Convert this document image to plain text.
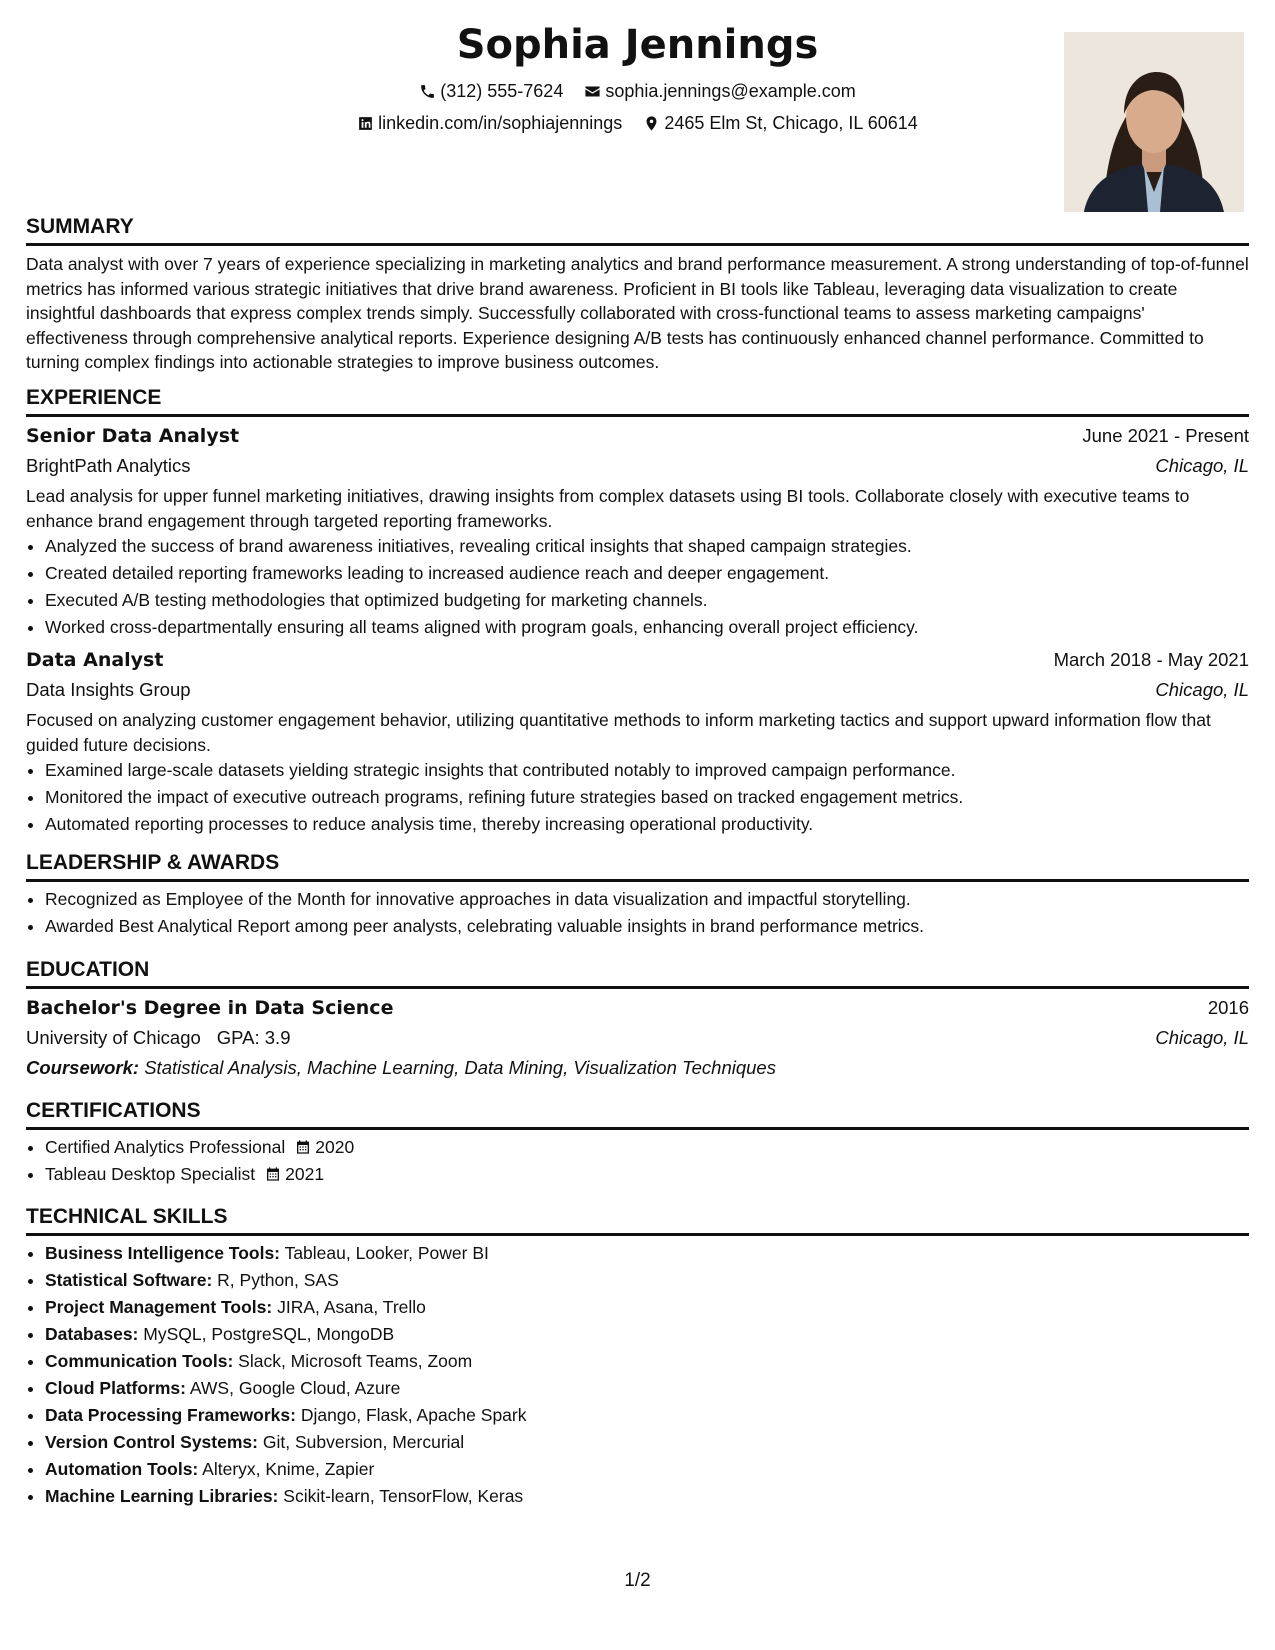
Sophia Jennings
(312) 555-7624
sophia.jennings@example.com
linkedin.com/in/sophiajennings
2465 Elm St, Chicago, IL 60614
SUMMARY

Data analyst with over 7 years of experience specializing in marketing analytics and brand performance measurement. A strong understanding of top-of-funnel metrics has informed various strategic initiatives that drive brand awareness. Proficient in BI tools like Tableau, leveraging data visualization to create insightful dashboards that express complex trends simply. Successfully collaborated with cross-functional teams to assess marketing campaigns' effectiveness through comprehensive analytical reports. Experience designing A/B tests has continuously enhanced channel performance. Committed to turning complex findings into actionable strategies to improve business outcomes.

EXPERIENCE
Senior Data Analyst	June 2021 - Present
BrightPath Analytics	Chicago, IL

Lead analysis for upper funnel marketing initiatives, drawing insights from complex datasets using BI tools. Collaborate closely with executive teams to enhance brand engagement through targeted reporting frameworks.

• Analyzed the success of brand awareness initiatives, revealing critical insights that shaped campaign strategies.
• Created detailed reporting frameworks leading to increased audience reach and deeper engagement.
• Executed A/B testing methodologies that optimized budgeting for marketing channels.
• Worked cross-departmentally ensuring all teams aligned with program goals, enhancing overall project efficiency.
Data Analyst	March 2018 - May 2021
Data Insights Group	Chicago, IL

Focused on analyzing customer engagement behavior, utilizing quantitative methods to inform marketing tactics and support upward information flow that guided future decisions.

• Examined large-scale datasets yielding strategic insights that contributed notably to improved campaign performance.
• Monitored the impact of executive outreach programs, refining future strategies based on tracked engagement metrics.
• Automated reporting processes to reduce analysis time, thereby increasing operational productivity.
LEADERSHIP & AWARDS
• Recognized as Employee of the Month for innovative approaches in data visualization and impactful storytelling.
• Awarded Best Analytical Report among peer analysts, celebrating valuable insights in brand performance metrics.
EDUCATION
Bachelor's Degree in Data Science	2016
University of Chicago GPA: 3.9	Chicago, IL
Coursework: Statistical Analysis, Machine Learning, Data Mining, Visualization Techniques
CERTIFICATIONS
• Certified Analytics Professional 2020
• Tableau Desktop Specialist 2021
TECHNICAL SKILLS
• Business Intelligence Tools: Tableau, Looker, Power BI
• Statistical Software: R, Python, SAS
• Project Management Tools: JIRA, Asana, Trello
• Databases: MySQL, PostgreSQL, MongoDB
• Communication Tools: Slack, Microsoft Teams, Zoom
• Cloud Platforms: AWS, Google Cloud, Azure
• Data Processing Frameworks: Django, Flask, Apache Spark
• Version Control Systems: Git, Subversion, Mercurial
• Automation Tools: Alteryx, Knime, Zapier
• Machine Learning Libraries: Scikit-learn, TensorFlow, Keras
1/2
